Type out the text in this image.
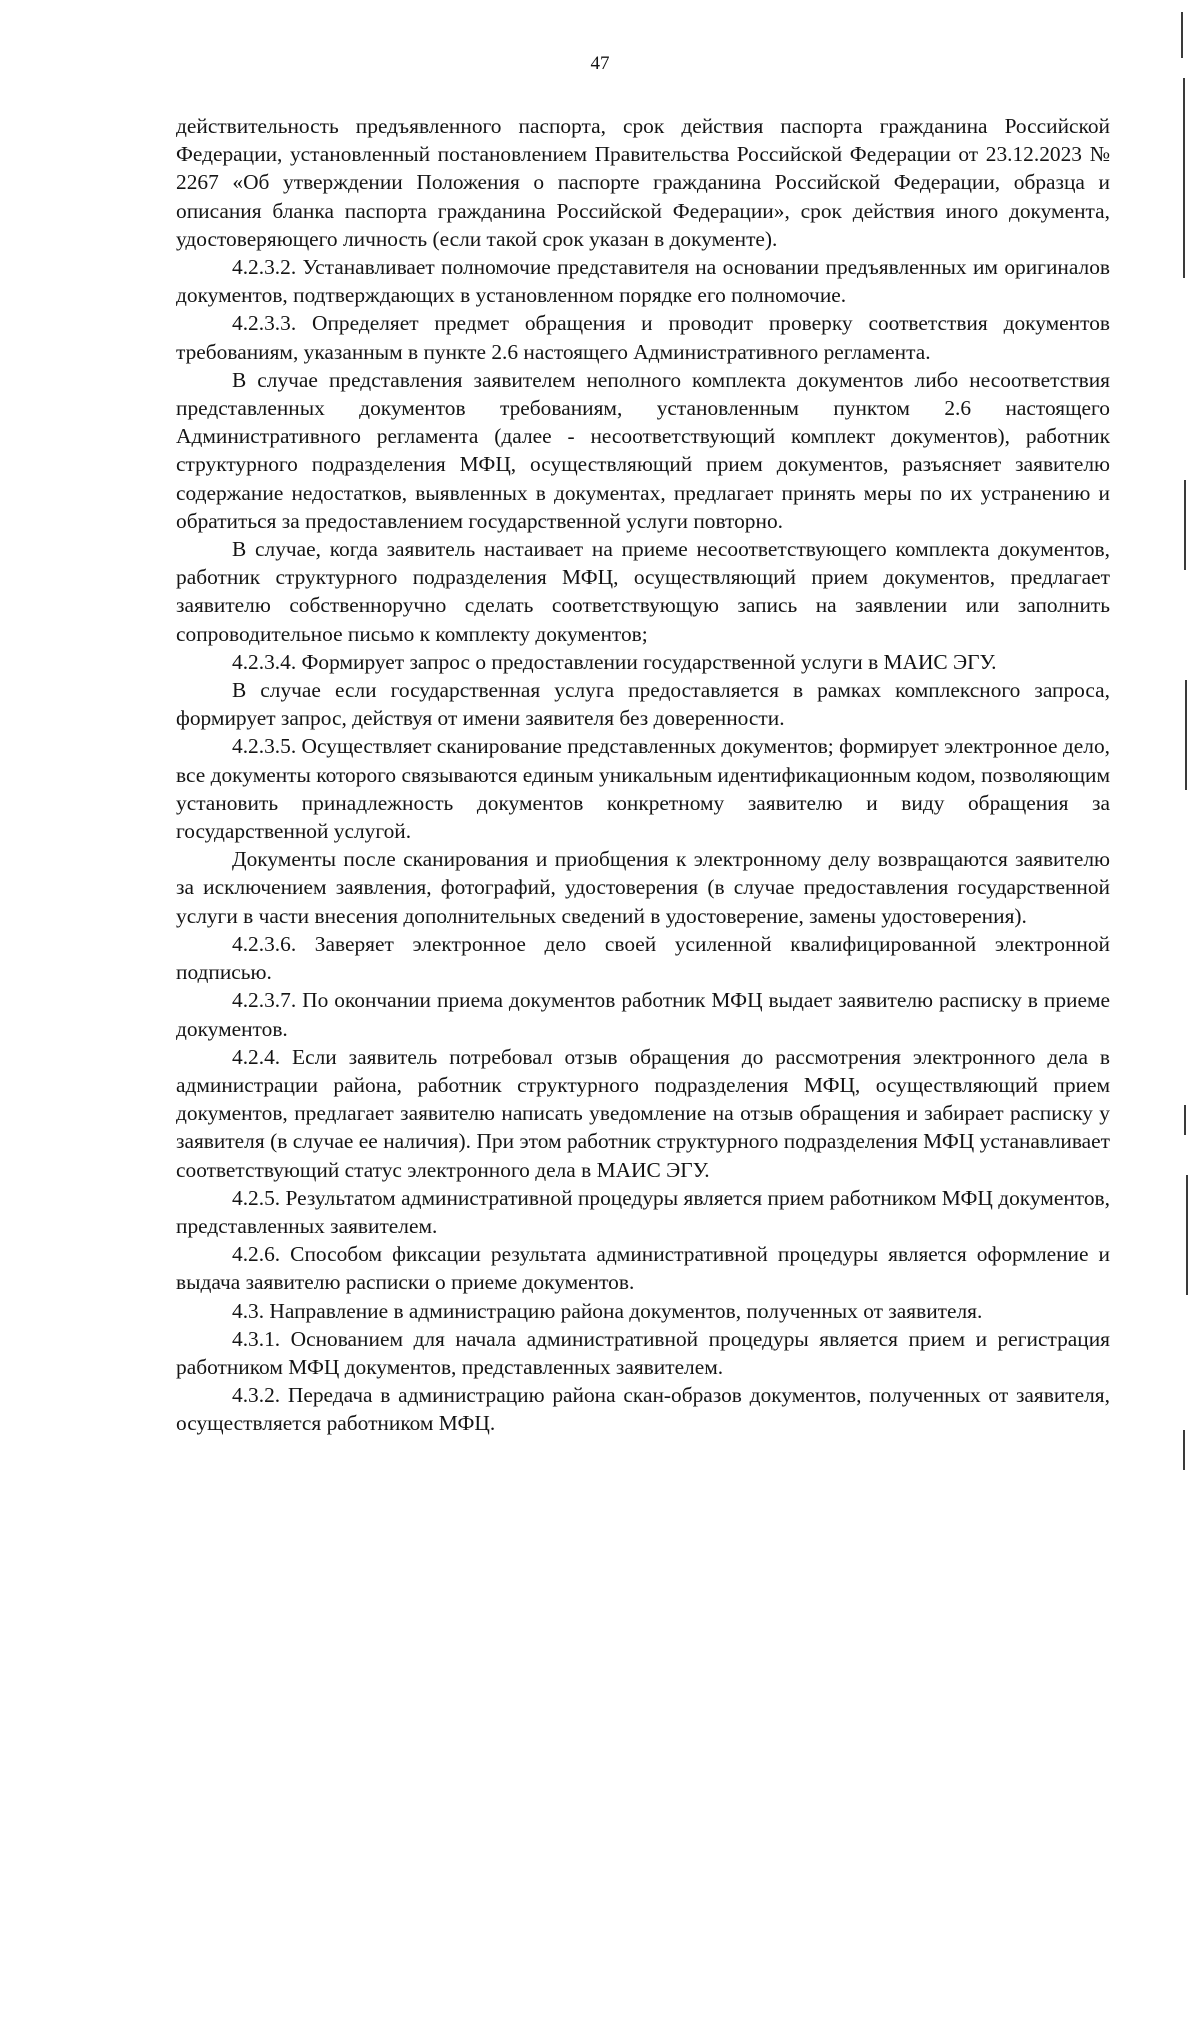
47

действительность предъявленного паспорта, срок действия паспорта гражданина Российской Федерации, установленный постановлением Правительства Российской Федерации от 23.12.2023 № 2267 «Об утверждении Положения о паспорте гражданина Российской Федерации, образца и описания бланка паспорта гражданина Российской Федерации», срок действия иного документа, удостоверяющего личность (если такой срок указан в документе).

4.2.3.2. Устанавливает полномочие представителя на основании предъявленных им оригиналов документов, подтверждающих в установленном порядке его полномочие.

4.2.3.3. Определяет предмет обращения и проводит проверку соответствия документов требованиям, указанным в пункте 2.6 настоящего Административного регламента.

В случае представления заявителем неполного комплекта документов либо несоответствия представленных документов требованиям, установленным пунктом 2.6 настоящего Административного регламента (далее - несоответствующий комплект документов), работник структурного подразделения МФЦ, осуществляющий прием документов, разъясняет заявителю содержание недостатков, выявленных в документах, предлагает принять меры по их устранению и обратиться за предоставлением государственной услуги повторно.

В случае, когда заявитель настаивает на приеме несоответствующего комплекта документов, работник структурного подразделения МФЦ, осуществляющий прием документов, предлагает заявителю собственноручно сделать соответствующую запись на заявлении или заполнить сопроводительное письмо к комплекту документов;

4.2.3.4. Формирует запрос о предоставлении государственной услуги в МАИС ЭГУ.

В случае если государственная услуга предоставляется в рамках комплексного запроса, формирует запрос, действуя от имени заявителя без доверенности.

4.2.3.5. Осуществляет сканирование представленных документов; формирует электронное дело, все документы которого связываются единым уникальным идентификационным кодом, позволяющим установить принадлежность документов конкретному заявителю и виду обращения за государственной услугой.

Документы после сканирования и приобщения к электронному делу возвращаются заявителю за исключением заявления, фотографий, удостоверения (в случае предоставления государственной услуги в части внесения дополнительных сведений в удостоверение, замены удостоверения).

4.2.3.6. Заверяет электронное дело своей усиленной квалифицированной электронной подписью.

4.2.3.7. По окончании приема документов работник МФЦ выдает заявителю расписку в приеме документов.

4.2.4. Если заявитель потребовал отзыв обращения до рассмотрения электронного дела в администрации района, работник структурного подразделения МФЦ, осуществляющий прием документов, предлагает заявителю написать уведомление на отзыв обращения и забирает расписку у заявителя (в случае ее наличия). При этом работник структурного подразделения МФЦ устанавливает соответствующий статус электронного дела в МАИС ЭГУ.

4.2.5. Результатом административной процедуры является прием работником МФЦ документов, представленных заявителем.

4.2.6. Способом фиксации результата административной процедуры является оформление и выдача заявителю расписки о приеме документов.

4.3. Направление в администрацию района документов, полученных от заявителя.

4.3.1. Основанием для начала административной процедуры является прием и регистрация работником МФЦ документов, представленных заявителем.

4.3.2. Передача в администрацию района скан-образов документов, полученных от заявителя, осуществляется работником МФЦ.
